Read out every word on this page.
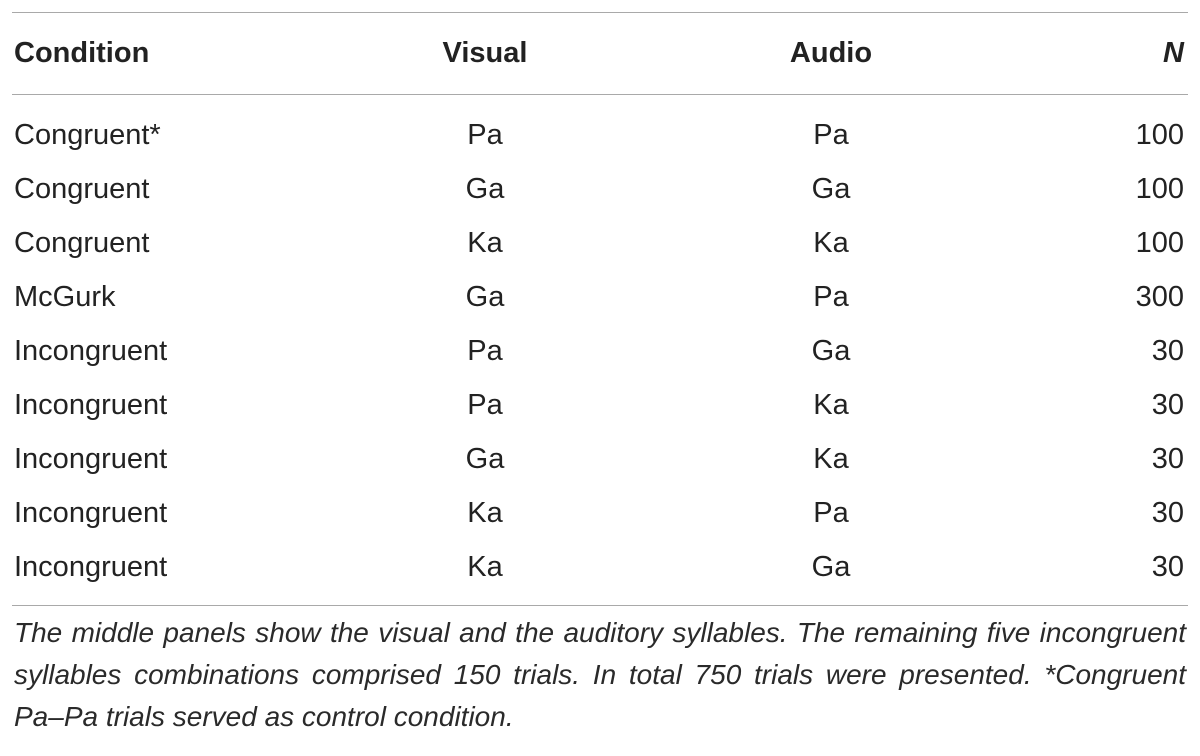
Condition	Visual	Audio	N
Congruent*	Pa	Pa	100
Congruent	Ga	Ga	100
Congruent	Ka	Ka	100
McGurk	Ga	Pa	300
Incongruent	Pa	Ga	30
Incongruent	Pa	Ka	30
Incongruent	Ga	Ka	30
Incongruent	Ka	Pa	30
Incongruent	Ka	Ga	30
The middle panels show the visual and the auditory syllables. The remaining five incongruent syllables combinations comprised 150 trials. In total 750 trials were presented. *Congruent Pa–Pa trials served as control condition.
